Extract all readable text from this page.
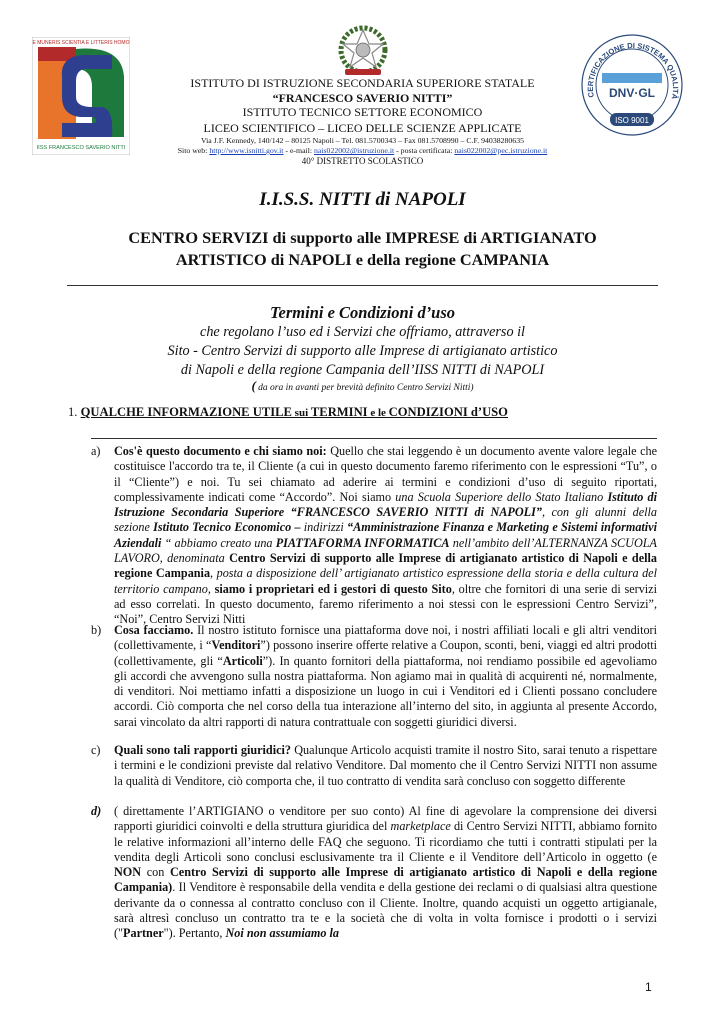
E MUNERIS SCIENTIA E LITTERIS HOMO
IISS FRANCESCO SAVERIO NITTI
ISTITUTO DI ISTRUZIONE SECONDARIA SUPERIORE STATALE
“FRANCESCO SAVERIO NITTI”
ISTITUTO TECNICO SETTORE ECONOMICO
LICEO SCIENTIFICO – LICEO DELLE SCIENZE APPLICATE
Via J.F. Kennedy, 140/142 – 80125 Napoli – Tel. 081.5700343 – Fax 081.5708990 – C.F. 94038280635
Sito web: http://www.isnitti.gov.it - e-mail: nais022002@istruzione.it - posta certificata: nais022002@pec.istruzione.it
40° DISTRETTO SCOLASTICO
CERTIFICAZIONE DI SISTEMA QUALITÀ
DNV·GL
ISO 9001
I.I.S.S. NITTI di NAPOLI
CENTRO SERVIZI di supporto alle IMPRESE di ARTIGIANATO
ARTISTICO di NAPOLI e della regione CAMPANIA
Termini e Condizioni d’uso
che regolano l’uso ed i Servizi che offriamo, attraverso il
Sito - Centro Servizi di supporto alle Imprese di artigianato artistico
di Napoli e della regione Campania dell’IISS NITTI di NAPOLI
( da ora in avanti per brevità definito Centro Servizi Nitti)
1. QUALCHE INFORMAZIONE UTILE sui TERMINI e le CONDIZIONI d’USO
a) Cos'è questo documento e chi siamo noi: Quello che stai leggendo è un documento avente valore legale che costituisce l'accordo tra te, il Cliente (a cui in questo documento faremo riferimento con le espressioni “Tu”, o il “Cliente”) e noi. Tu sei chiamato ad aderire ai termini e condizioni d’uso di seguito riportati, complessivamente indicati come “Accordo”. Noi siamo una Scuola Superiore dello Stato Italiano Istituto di Istruzione Secondaria Superiore “FRANCESCO SAVERIO NITTI di NAPOLI”, con gli alunni della sezione Istituto Tecnico Economico – indirizzi “Amministrazione Finanza e Marketing e Sistemi informativi Aziendali “ abbiamo creato una PIATTAFORMA INFORMATICA nell’ambito dell’ALTERNANZA SCUOLA LAVORO, denominata Centro Servizi di supporto alle Imprese di artigianato artistico di Napoli e della regione Campania, posta a disposizione dell’ artigianato artistico espressione della storia e della cultura del territorio campano, siamo i proprietari ed i gestori di questo Sito, oltre che fornitori di una serie di servizi ad esso correlati. In questo documento, faremo riferimento a noi stessi con le espressioni Centro Servizi”, “Noi”, Centro Servizi Nitti
b) Cosa facciamo. Il nostro istituto fornisce una piattaforma dove noi, i nostri affiliati locali e gli altri venditori (collettivamente, i “Venditori”) possono inserire offerte relative a Coupon, sconti, beni, viaggi ed altri prodotti (collettivamente, gli “Articoli”). In quanto fornitori della piattaforma, noi rendiamo possibile ed agevoliamo gli accordi che avvengono sulla nostra piattaforma. Non agiamo mai in qualità di acquirenti né, normalmente, di venditori. Noi mettiamo infatti a disposizione un luogo in cui i Venditori ed i Clienti possano concludere accordi. Ciò comporta che nel corso della tua interazione all’interno del sito, in aggiunta al presente Accordo, sarai vincolato da altri rapporti di natura contrattuale con soggetti giuridici diversi.
c) Quali sono tali rapporti giuridici? Qualunque Articolo acquisti tramite il nostro Sito, sarai tenuto a rispettare i termini e le condizioni previste dal relativo Venditore. Dal momento che il Centro Servizi NITTI non assume la qualità di Venditore, ciò comporta che, il tuo contratto di vendita sarà concluso con soggetto differente
d) ( direttamente l’ARTIGIANO o venditore per suo conto) Al fine di agevolare la comprensione dei diversi rapporti giuridici coinvolti e della struttura giuridica del marketplace di Centro Servizi NITTI, abbiamo fornito le relative informazioni all’interno delle FAQ che seguono. Ti ricordiamo che tutti i contratti stipulati per la vendita degli Articoli sono conclusi esclusivamente tra il Cliente e il Venditore dell’Articolo in oggetto (e NON con Centro Servizi di supporto alle Imprese di artigianato artistico di Napoli e della regione Campania). Il Venditore è responsabile della vendita e della gestione dei reclami o di qualsiasi altra questione derivante da o connessa al contratto concluso con il Cliente. Inoltre, quando acquisti un oggetto artigianale, sarà altresì concluso un contratto tra te e la società che di volta in volta fornisce i prodotti o i servizi ("Partner"). Pertanto, Noi non assumiamo la
1
